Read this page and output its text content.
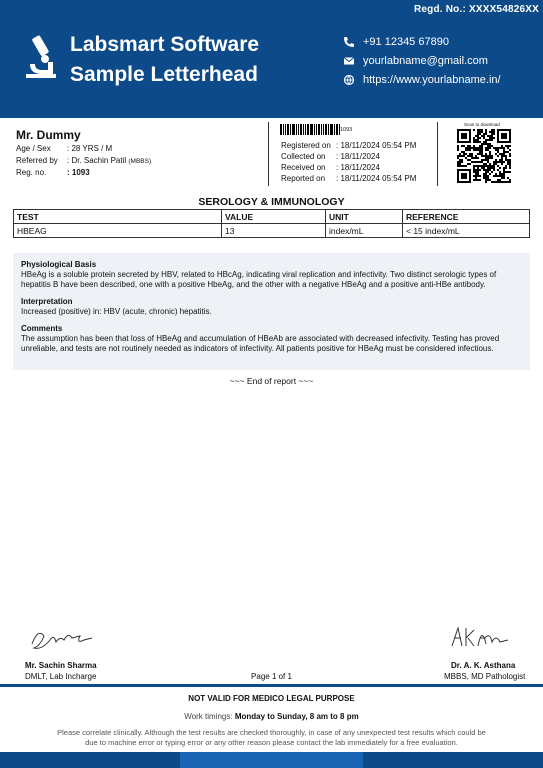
Regd. No.: XXXX54826XX
Labsmart Software
Sample Letterhead
+91 12345 67890
yourlabname@gmail.com
https://www.yourlabname.in/
Mr. Dummy
Age / Sex : 28 YRS / M
Referred by : Dr. Sachin Patil (MBBS)
Reg. no.	: 1093
1093
Registered on : 18/11/2024 05:54 PM
Collected on : 18/11/2024
Received on : 18/11/2024
Reported on : 18/11/2024 05:54 PM
Scan to download
SEROLOGY & IMMUNOLOGY
TEST	VALUE	UNIT	REFERENCE
HBEAG	13	index/mL	< 15 index/mL
Physiological Basis

HBeAg is a soluble protein secreted by HBV, related to HBcAg, indicating viral replication and infectivity. Two distinct serologic types of hepatitis B have been described, one with a positive HbeAg, and the other with a negative HBeAg and a positive anti-HBe antibody.

Interpretation

Increased (positive) in: HBV (acute, chronic) hepatitis.

Comments

The assumption has been that loss of HBeAg and accumulation of HBeAb are associated with decreased infectivity. Testing has proved unreliable, and tests are not routinely needed as indicators of infectivity. All patients positive for HBeAg must be considered infectious.

~~~ End of report ~~~
Mr. Sachin Sharma
DMLT, Lab Incharge
Dr. A. K. Asthana
MBBS, MD Pathologist
Page 1 of 1
NOT VALID FOR MEDICO LEGAL PURPOSE
Work timings: Monday to Sunday, 8 am to 8 pm
Please correlate clinically. Although the test results are checked thoroughly, in case of any unexpected test results which could be due to machine error or typing error or any other reason please contact the lab immediately for a free evaluation.
